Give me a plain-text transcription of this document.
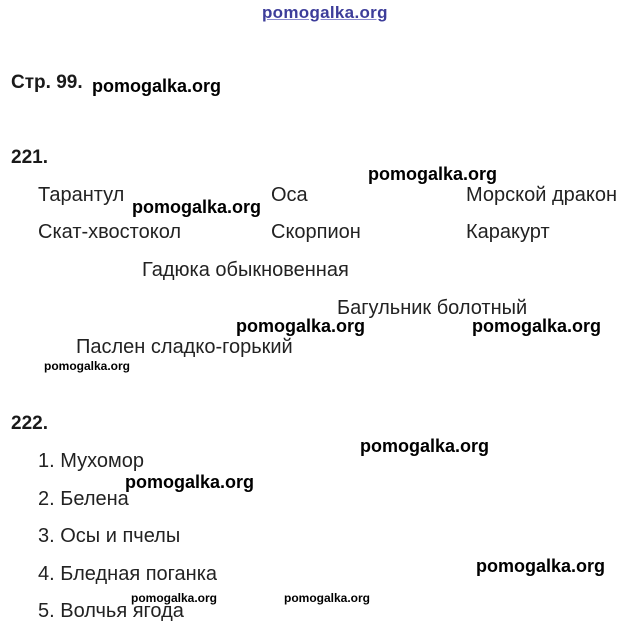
pomogalka.org
Стр. 99.
221.
Тарантул	Оса	Морской дракон
Скат-хвостокол	Скорпион	Каракурт
Гадюка обыкновенная
Багульник болотный
Паслен сладко-горький
222.
1. Мухомор
2. Белена
3. Осы и пчелы
4. Бледная поганка
5. Волчья ягода
pomogalka.org
pomogalka.org
pomogalka.org
pomogalka.org	pomogalka.org
pomogalka.org
pomogalka.org
pomogalka.org
pomogalka.org
pomogalka.org	pomogalka.org
